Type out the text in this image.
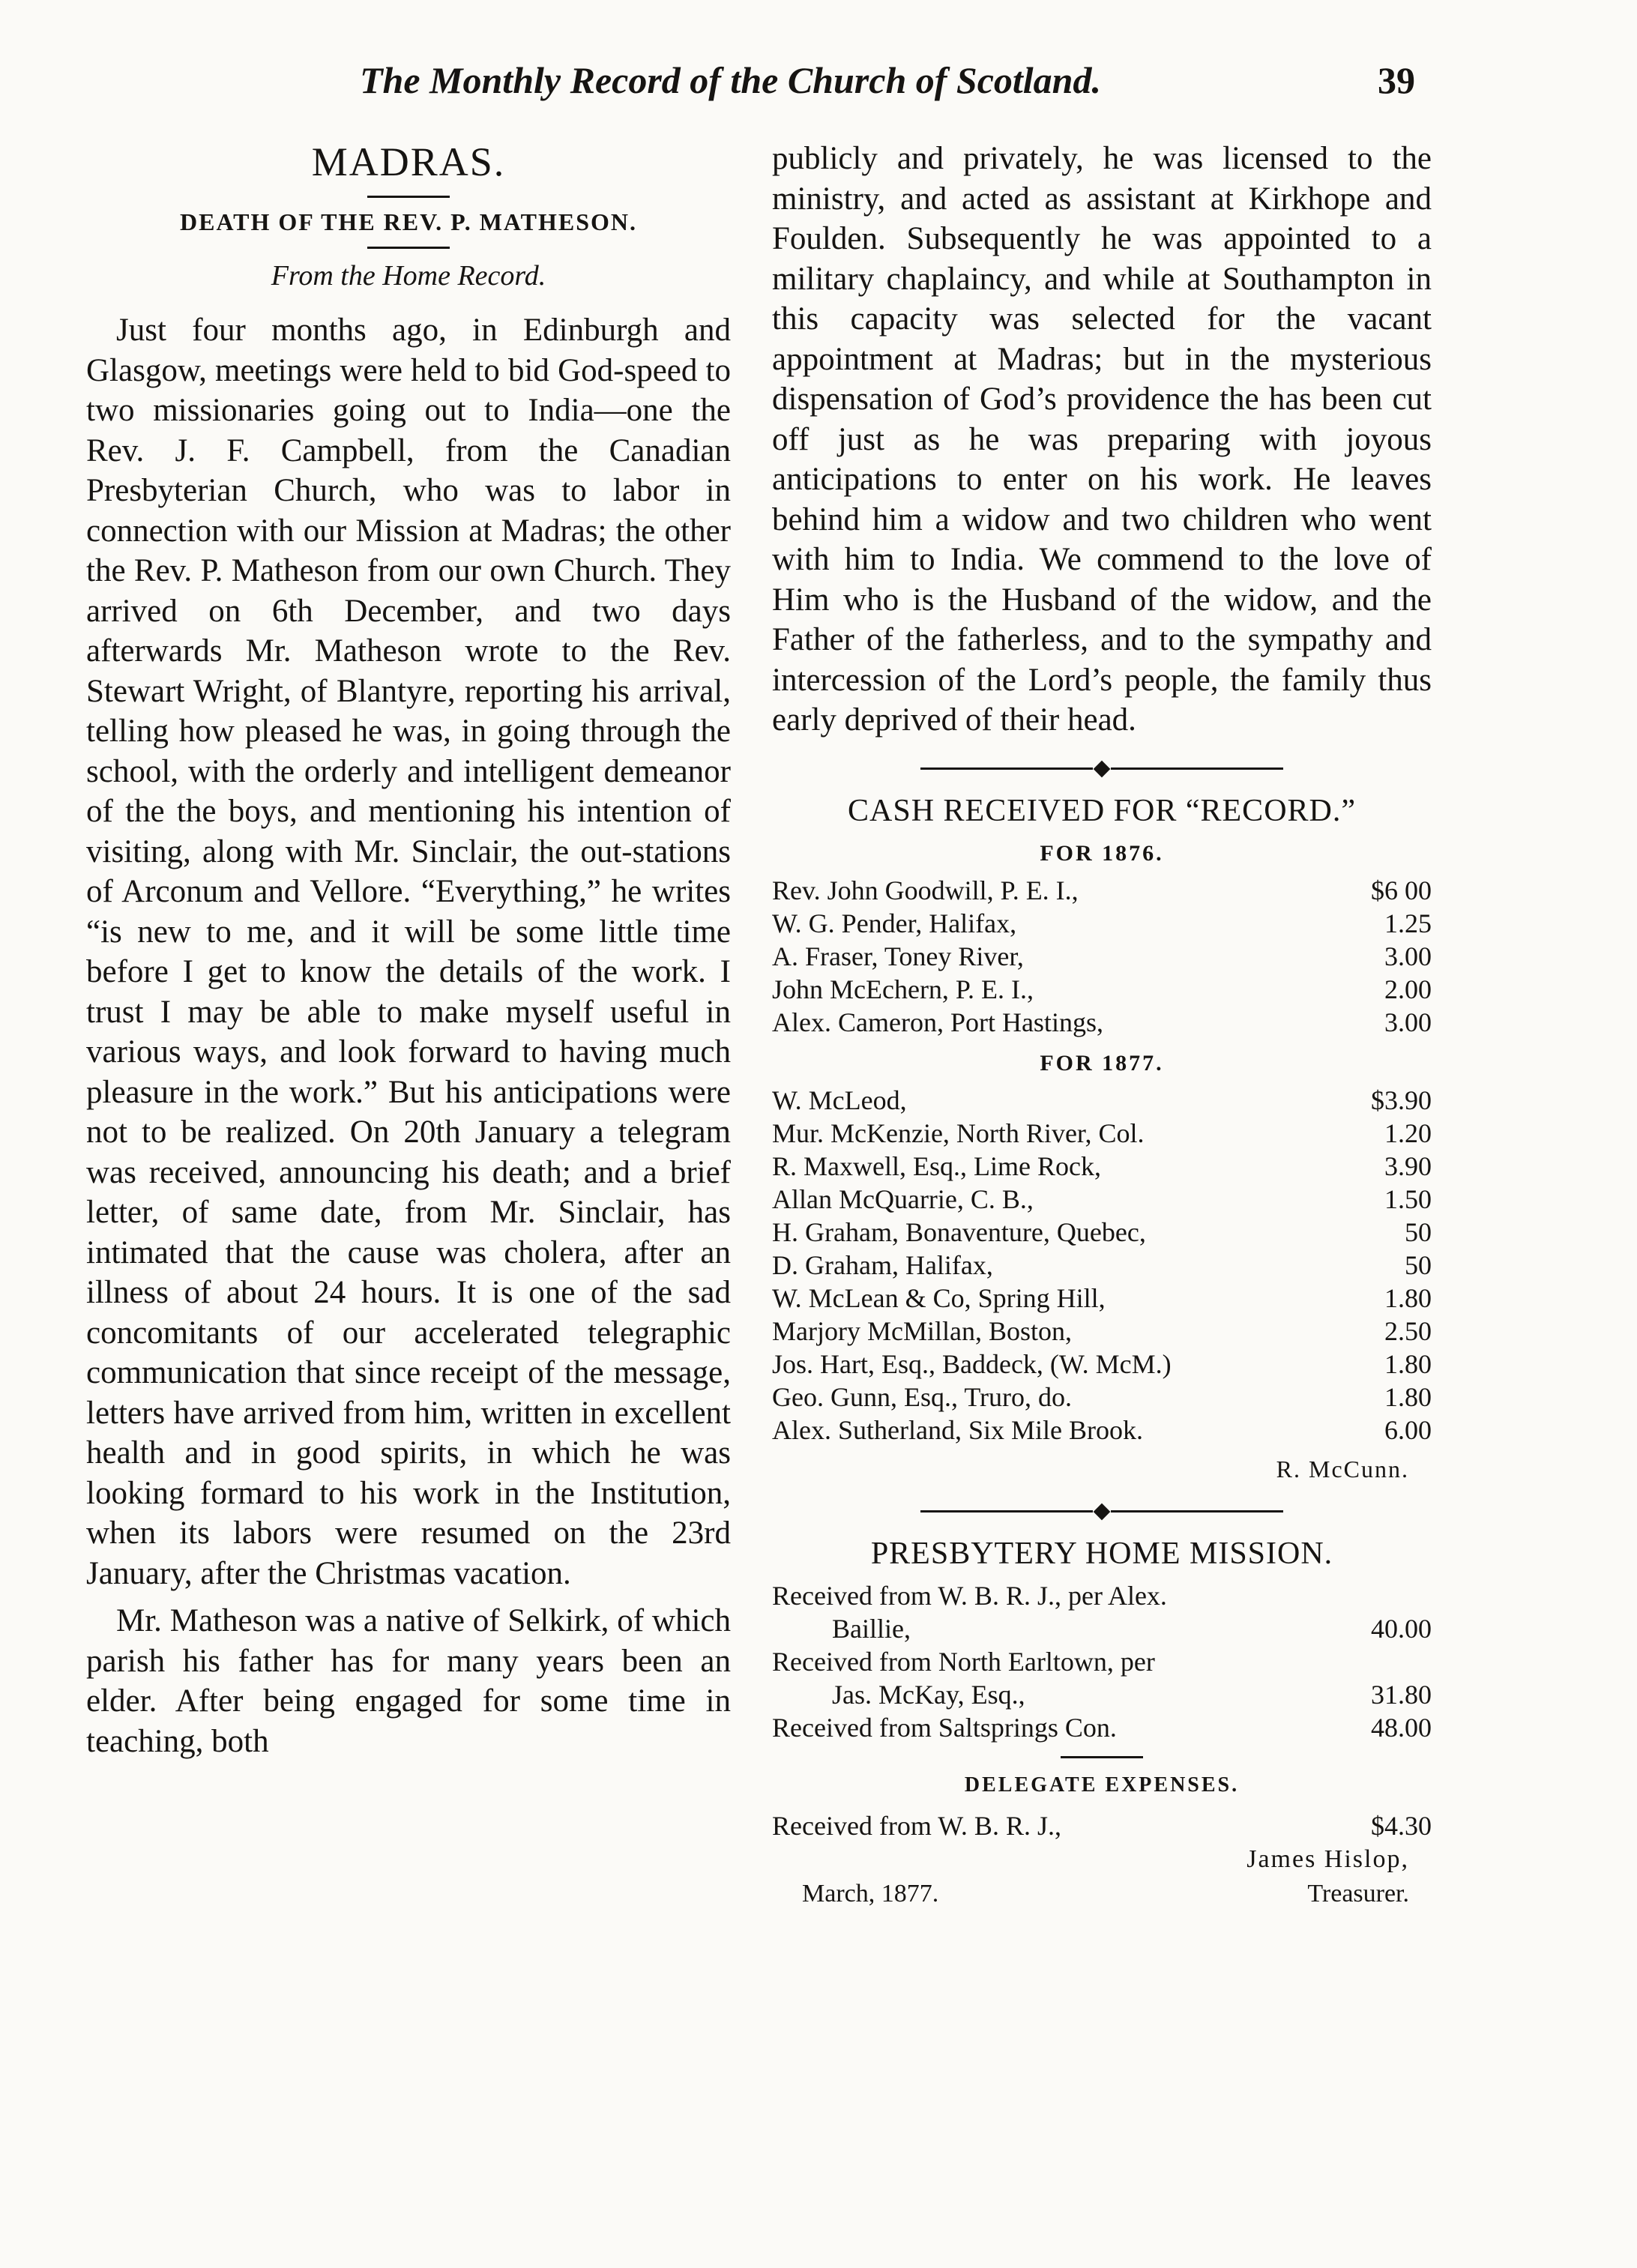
The Monthly Record of the Church of Scotland.	39
MADRAS.
DEATH OF THE REV. P. MATHESON.
From the Home Record.

Just four months ago, in Edinburgh and Glasgow, meetings were held to bid God-speed to two missionaries going out to India—one the Rev. J. F. Campbell, from the Canadian Presbyterian Church, who was to labor in connection with our Mission at Madras; the other the Rev. P. Matheson from our own Church. They arrived on 6th December, and two days afterwards Mr. Matheson wrote to the Rev. Stewart Wright, of Blantyre, reporting his arrival, telling how pleased he was, in going through the school, with the orderly and intelligent demeanor of the the boys, and mentioning his intention of visiting, along with Mr. Sinclair, the out-stations of Arconum and Vellore. “Everything,” he writes “is new to me, and it will be some little time before I get to know the details of the work. I trust I may be able to make myself useful in various ways, and look forward to having much pleasure in the work.” But his anticipations were not to be realized. On 20th January a telegram was received, announcing his death; and a brief letter, of same date, from Mr. Sinclair, has intimated that the cause was cholera, after an illness of about 24 hours. It is one of the sad concomitants of our accelerated telegraphic communication that since receipt of the message, letters have arrived from him, written in excellent health and in good spirits, in which he was looking formard to his work in the Institution, when its labors were resumed on the 23rd January, after the Christmas vacation.

Mr. Matheson was a native of Selkirk, of which parish his father has for many years been an elder. After being engaged for some time in teaching, both

publicly and privately, he was licensed to the ministry, and acted as assistant at Kirkhope and Foulden. Subsequently he was appointed to a military chaplaincy, and while at Southampton in this capacity was selected for the vacant appointment at Madras; but in the mysterious dispensation of God’s providence the has been cut off just as he was preparing with joyous anticipations to enter on his work. He leaves behind him a widow and two children who went with him to India. We commend to the love of Him who is the Husband of the widow, and the Father of the fatherless, and to the sympathy and intercession of the Lord’s people, the family thus early deprived of their head.

CASH RECEIVED FOR “RECORD.”
FOR 1876.
Rev. John Goodwill, P. E. I.,	$6 00
W. G. Pender, Halifax,	1.25
A. Fraser, Toney River,	3.00
John McEchern, P. E. I.,	2.00
Alex. Cameron, Port Hastings,	3.00
FOR 1877.
W. McLeod,	$3.90
Mur. McKenzie, North River, Col.	1.20
R. Maxwell, Esq., Lime Rock,	3.90
Allan McQuarrie, C. B.,	1.50
H. Graham, Bonaventure, Quebec,	50
D. Graham, Halifax,	50
W. McLean & Co, Spring Hill,	1.80
Marjory McMillan, Boston,	2.50
Jos. Hart, Esq., Baddeck, (W. McM.)	1.80
Geo. Gunn, Esq., Truro, do.	1.80
Alex. Sutherland, Six Mile Brook.	6.00
R. McCunn.
PRESBYTERY HOME MISSION.
Received from W. B. R. J., per Alex.
Baillie,	40.00
Received from North Earltown, per
Jas. McKay, Esq.,	31.80
Received from Saltsprings Con.	48.00
DELEGATE EXPENSES.
Received from W. B. R. J.,	$4.30
James Hislop,
March, 1877.	Treasurer.
